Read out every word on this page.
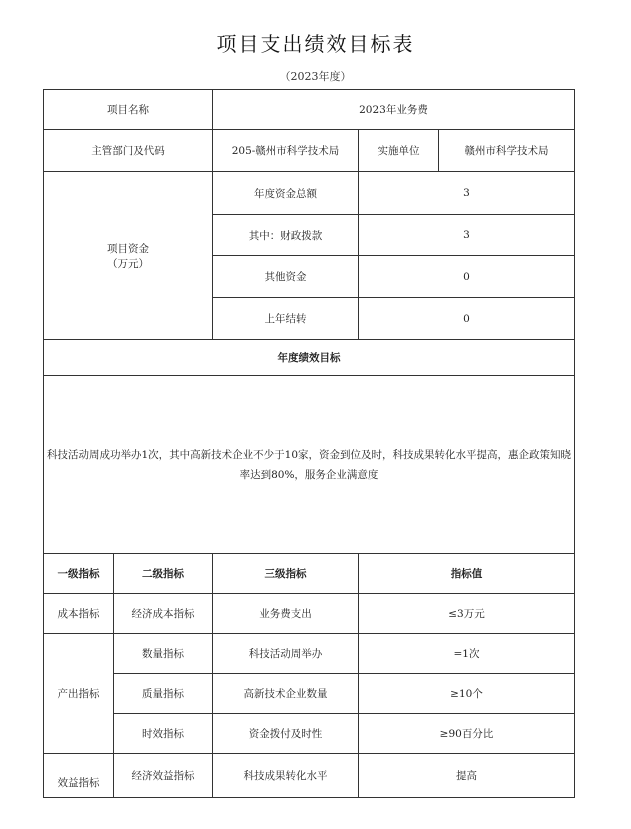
项目支出绩效目标表
（2023年度）
项目名称		2023年业务费		
主管部门及代码		205-赣州市科学技术局	实施单位	赣州市科学技术局

项目资金
（万元）		年度资金总额	3	
		其中：财政拨款	3	
		其他资金	0	
		上年结转	0	
年度绩效目标				
科技活动周成功举办1次，其中高新技术企业不少于10家，资金到位及时，科技成果转化水平提高，惠企政策知晓率达到80%，服务企业满意度				
一级指标	二级指标	三级指标	指标值	
成本指标	经济成本指标	业务费支出	≤3万元	
产出指标	数量指标	科技活动周举办	=1次	
	质量指标	高新技术企业数量	≥10个	
	时效指标	资金拨付及时性	≥90百分比	

效益指标	经济效益指标	科技成果转化水平	提高	
